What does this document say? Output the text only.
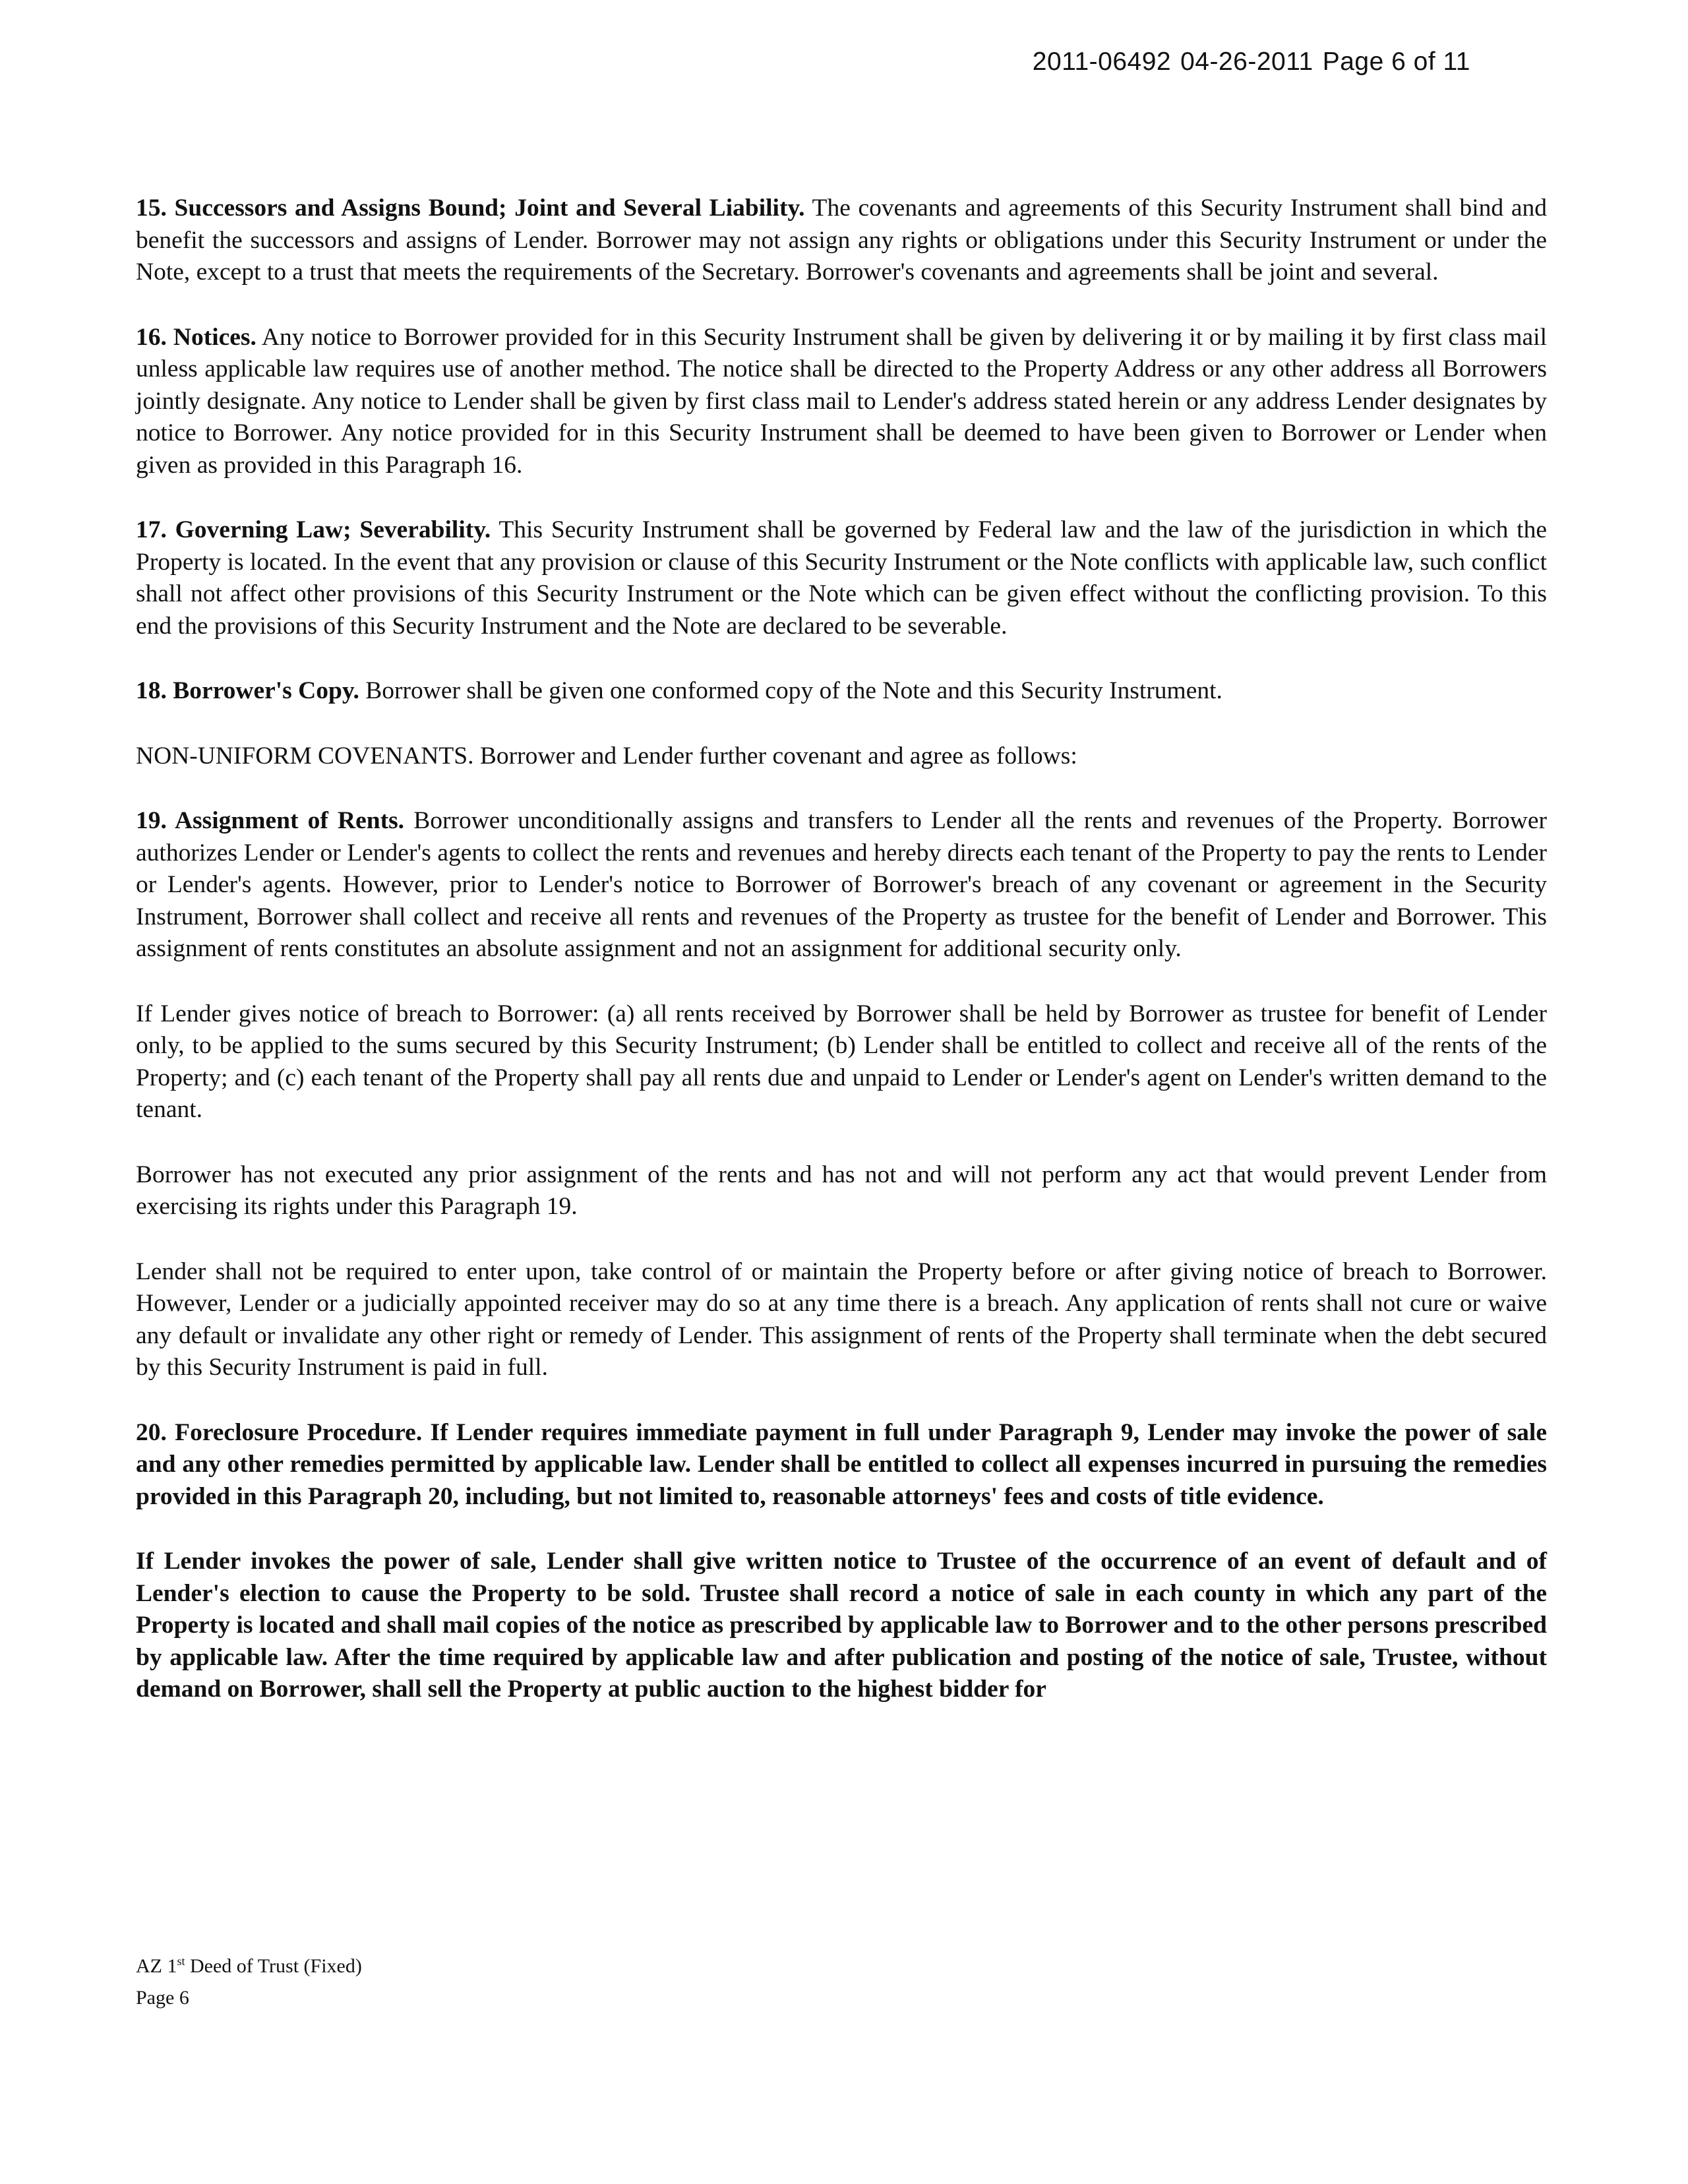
2011-06492 04-26-2011 Page 6 of 11

15. Successors and Assigns Bound; Joint and Several Liability. The covenants and agreements of this Security Instrument shall bind and benefit the successors and assigns of Lender. Borrower may not assign any rights or obligations under this Security Instrument or under the Note, except to a trust that meets the requirements of the Secretary. Borrower's covenants and agreements shall be joint and several.

16. Notices. Any notice to Borrower provided for in this Security Instrument shall be given by delivering it or by mailing it by first class mail unless applicable law requires use of another method. The notice shall be directed to the Property Address or any other address all Borrowers jointly designate. Any notice to Lender shall be given by first class mail to Lender's address stated herein or any address Lender designates by notice to Borrower. Any notice provided for in this Security Instrument shall be deemed to have been given to Borrower or Lender when given as provided in this Paragraph 16.

17. Governing Law; Severability. This Security Instrument shall be governed by Federal law and the law of the jurisdiction in which the Property is located. In the event that any provision or clause of this Security Instrument or the Note conflicts with applicable law, such conflict shall not affect other provisions of this Security Instrument or the Note which can be given effect without the conflicting provision. To this end the provisions of this Security Instrument and the Note are declared to be severable.

18. Borrower's Copy. Borrower shall be given one conformed copy of the Note and this Security Instrument.

NON-UNIFORM COVENANTS. Borrower and Lender further covenant and agree as follows:

19. Assignment of Rents. Borrower unconditionally assigns and transfers to Lender all the rents and revenues of the Property. Borrower authorizes Lender or Lender's agents to collect the rents and revenues and hereby directs each tenant of the Property to pay the rents to Lender or Lender's agents. However, prior to Lender's notice to Borrower of Borrower's breach of any covenant or agreement in the Security Instrument, Borrower shall collect and receive all rents and revenues of the Property as trustee for the benefit of Lender and Borrower. This assignment of rents constitutes an absolute assignment and not an assignment for additional security only.

If Lender gives notice of breach to Borrower: (a) all rents received by Borrower shall be held by Borrower as trustee for benefit of Lender only, to be applied to the sums secured by this Security Instrument; (b) Lender shall be entitled to collect and receive all of the rents of the Property; and (c) each tenant of the Property shall pay all rents due and unpaid to Lender or Lender's agent on Lender's written demand to the tenant.

Borrower has not executed any prior assignment of the rents and has not and will not perform any act that would prevent Lender from exercising its rights under this Paragraph 19.

Lender shall not be required to enter upon, take control of or maintain the Property before or after giving notice of breach to Borrower. However, Lender or a judicially appointed receiver may do so at any time there is a breach. Any application of rents shall not cure or waive any default or invalidate any other right or remedy of Lender. This assignment of rents of the Property shall terminate when the debt secured by this Security Instrument is paid in full.

20. Foreclosure Procedure. If Lender requires immediate payment in full under Paragraph 9, Lender may invoke the power of sale and any other remedies permitted by applicable law. Lender shall be entitled to collect all expenses incurred in pursuing the remedies provided in this Paragraph 20, including, but not limited to, reasonable attorneys' fees and costs of title evidence.

If Lender invokes the power of sale, Lender shall give written notice to Trustee of the occurrence of an event of default and of Lender's election to cause the Property to be sold. Trustee shall record a notice of sale in each county in which any part of the Property is located and shall mail copies of the notice as prescribed by applicable law to Borrower and to the other persons prescribed by applicable law. After the time required by applicable law and after publication and posting of the notice of sale, Trustee, without demand on Borrower, shall sell the Property at public auction to the highest bidder for

AZ 1st Deed of Trust (Fixed)
Page 6
